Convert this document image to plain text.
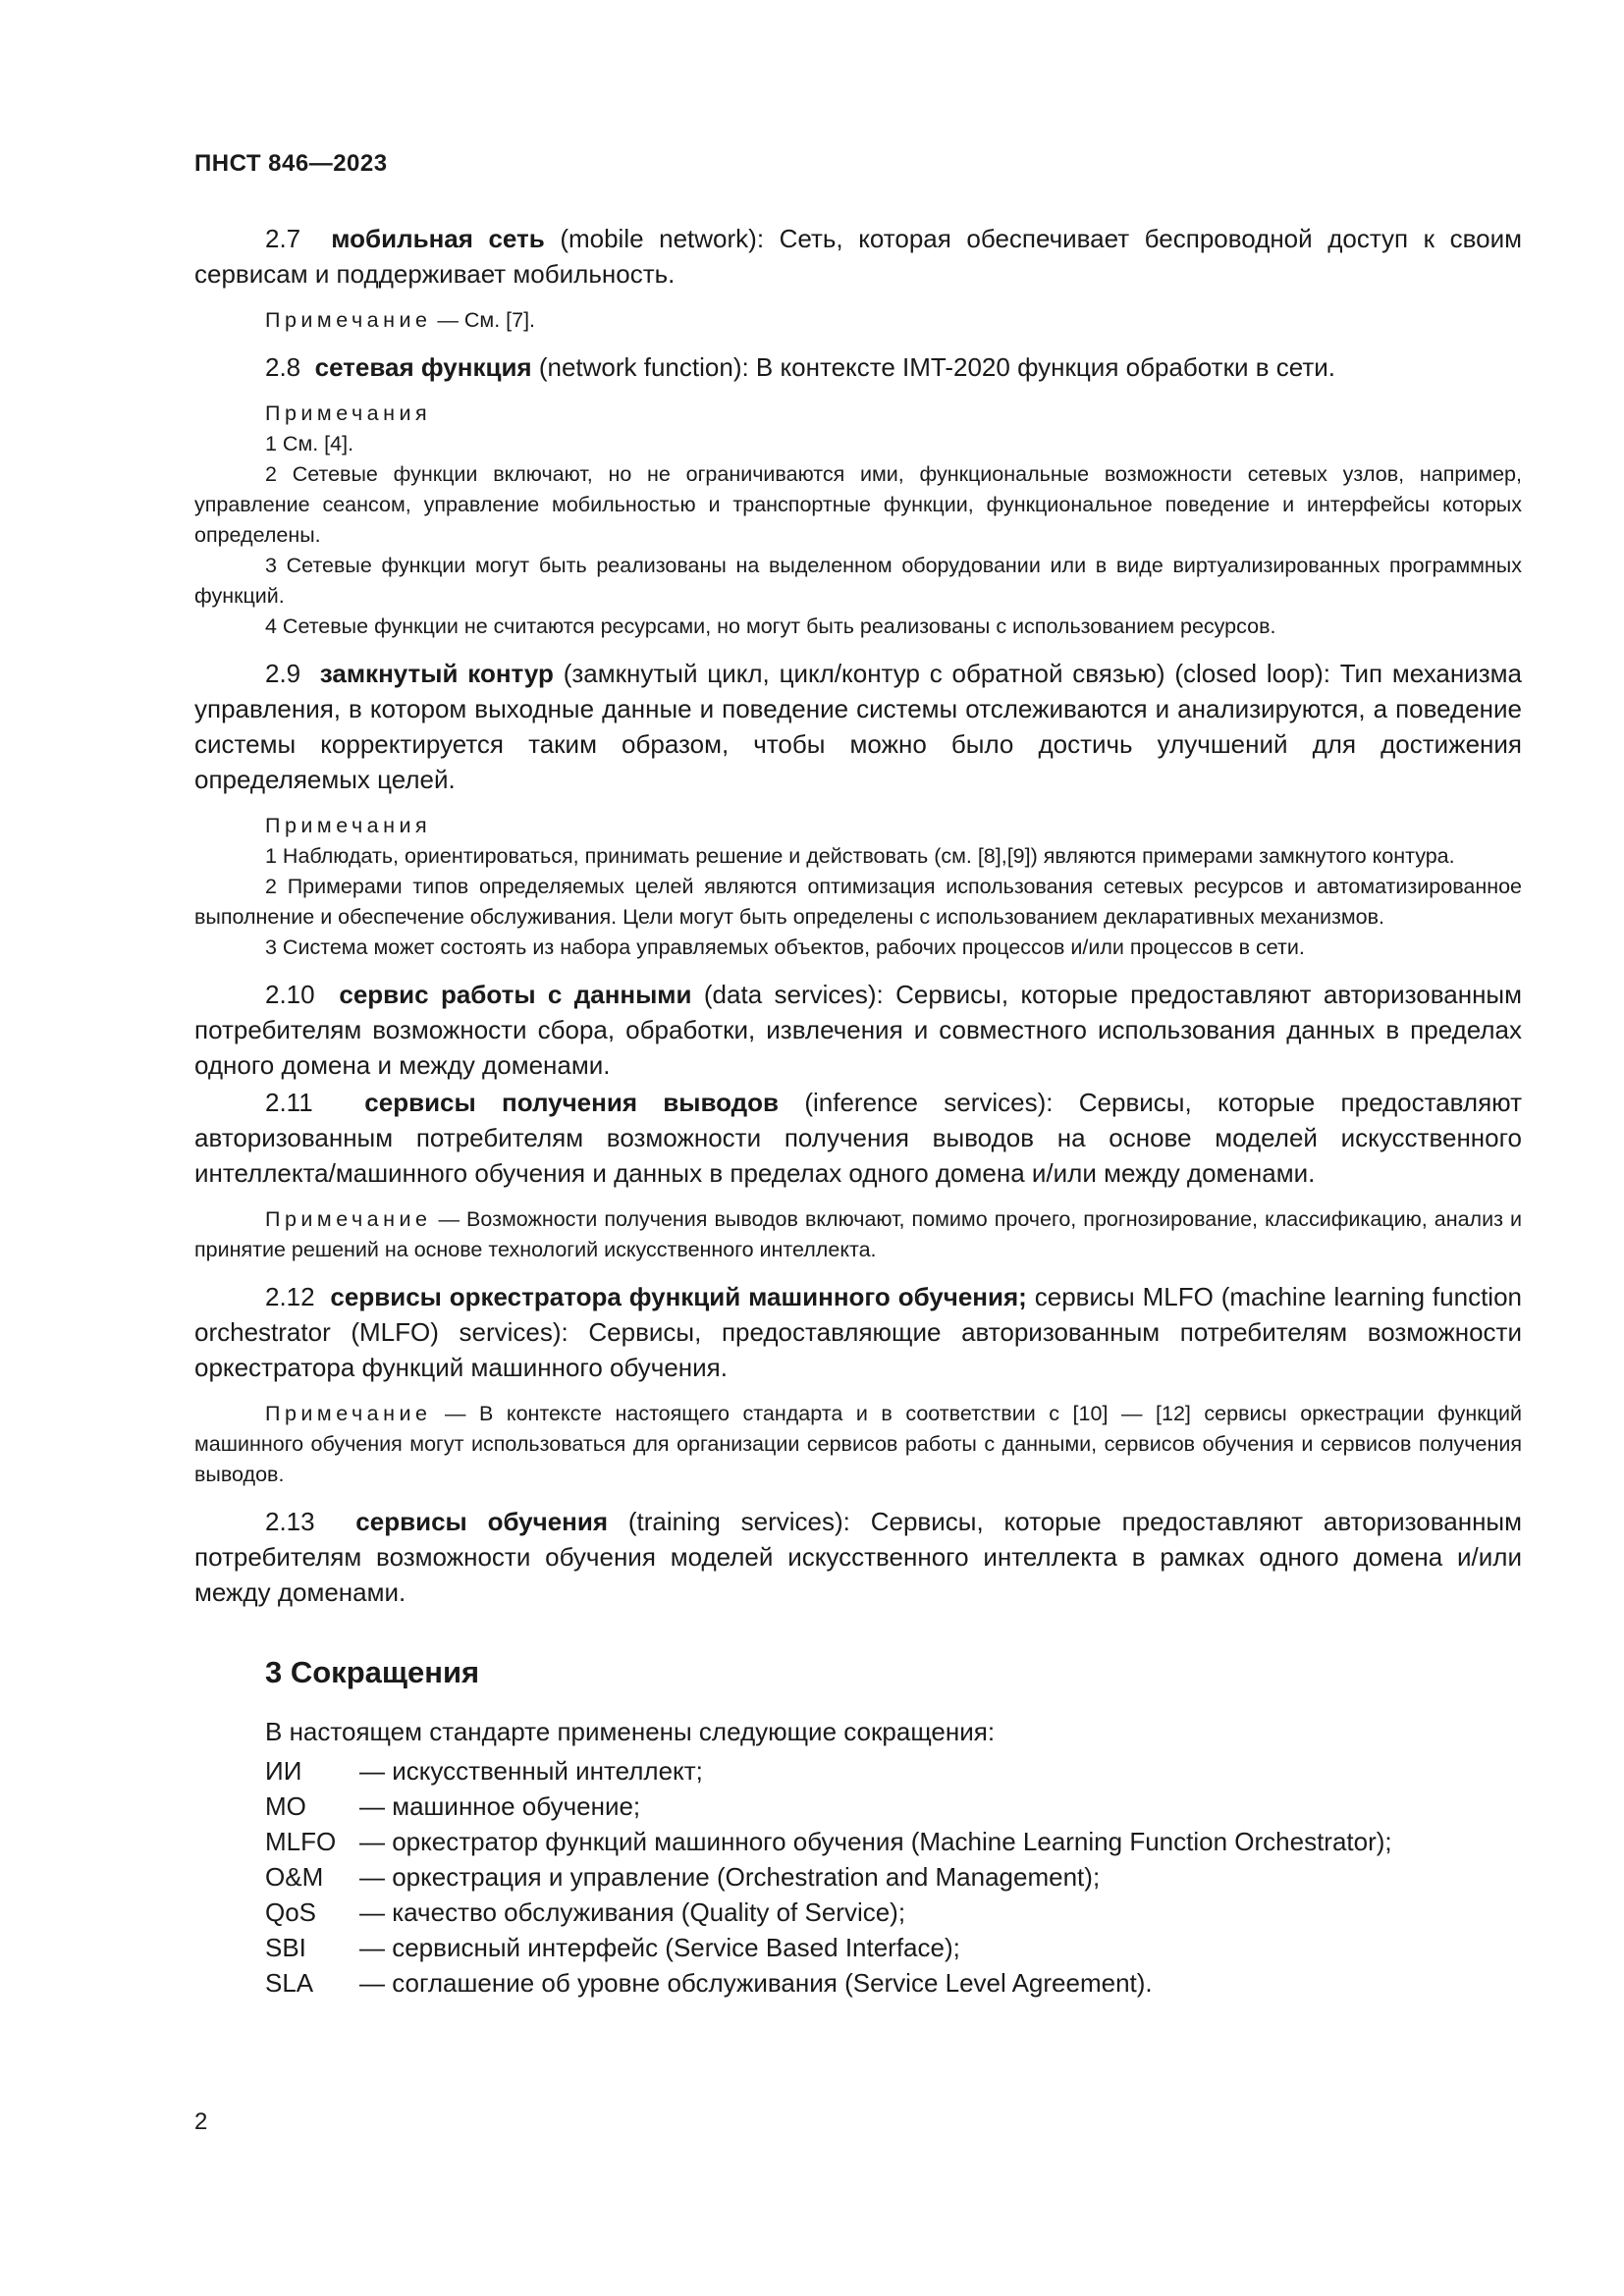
ПНСТ 846—2023

2.7 мобильная сеть (mobile network): Сеть, которая обеспечивает беспроводной доступ к своим сервисам и поддерживает мобильность.

Примечание — См. [7].

2.8 сетевая функция (network function): В контексте IMT-2020 функция обработки в сети.

Примечания

1 См. [4].

2 Сетевые функции включают, но не ограничиваются ими, функциональные возможности сетевых узлов, например, управление сеансом, управление мобильностью и транспортные функции, функциональное поведение и интерфейсы которых определены.

3 Сетевые функции могут быть реализованы на выделенном оборудовании или в виде виртуализированных программных функций.

4 Сетевые функции не считаются ресурсами, но могут быть реализованы с использованием ресурсов.

2.9 замкнутый контур (замкнутый цикл, цикл/контур с обратной связью) (closed loop): Тип механизма управления, в котором выходные данные и поведение системы отслеживаются и анализируются, а поведение системы корректируется таким образом, чтобы можно было достичь улучшений для достижения определяемых целей.

Примечания

1 Наблюдать, ориентироваться, принимать решение и действовать (см. [8],[9]) являются примерами замкнутого контура.

2 Примерами типов определяемых целей являются оптимизация использования сетевых ресурсов и автоматизированное выполнение и обеспечение обслуживания. Цели могут быть определены с использованием декларативных механизмов.

3 Система может состоять из набора управляемых объектов, рабочих процессов и/или процессов в сети.

2.10 сервис работы с данными (data services): Сервисы, которые предоставляют авторизованным потребителям возможности сбора, обработки, извлечения и совместного использования данных в пределах одного домена и между доменами.

2.11 сервисы получения выводов (inference services): Сервисы, которые предоставляют авторизованным потребителям возможности получения выводов на основе моделей искусственного интеллекта/машинного обучения и данных в пределах одного домена и/или между доменами.

Примечание — Возможности получения выводов включают, помимо прочего, прогнозирование, классификацию, анализ и принятие решений на основе технологий искусственного интеллекта.

2.12 сервисы оркестратора функций машинного обучения; сервисы MLFO (machine learning function orchestrator (MLFO) services): Сервисы, предоставляющие авторизованным потребителям возможности оркестратора функций машинного обучения.

Примечание — В контексте настоящего стандарта и в соответствии с [10] — [12] сервисы оркестрации функций машинного обучения могут использоваться для организации сервисов работы с данными, сервисов обучения и сервисов получения выводов.

2.13 сервисы обучения (training services): Сервисы, которые предоставляют авторизованным потребителям возможности обучения моделей искусственного интеллекта в рамках одного домена и/или между доменами.

3 Сокращения

В настоящем стандарте применены следующие сокращения:

ИИ	— искусственный интеллект;
МО	— машинное обучение;
MLFO — оркестратор функций машинного обучения (Machine Learning Function Orchestrator);
O&M	— оркестрация и управление (Orchestration and Management);
QoS	— качество обслуживания (Quality of Service);
SBI	— сервисный интерфейс (Service Based Interface);
SLA	— соглашение об уровне обслуживания (Service Level Agreement).
2
